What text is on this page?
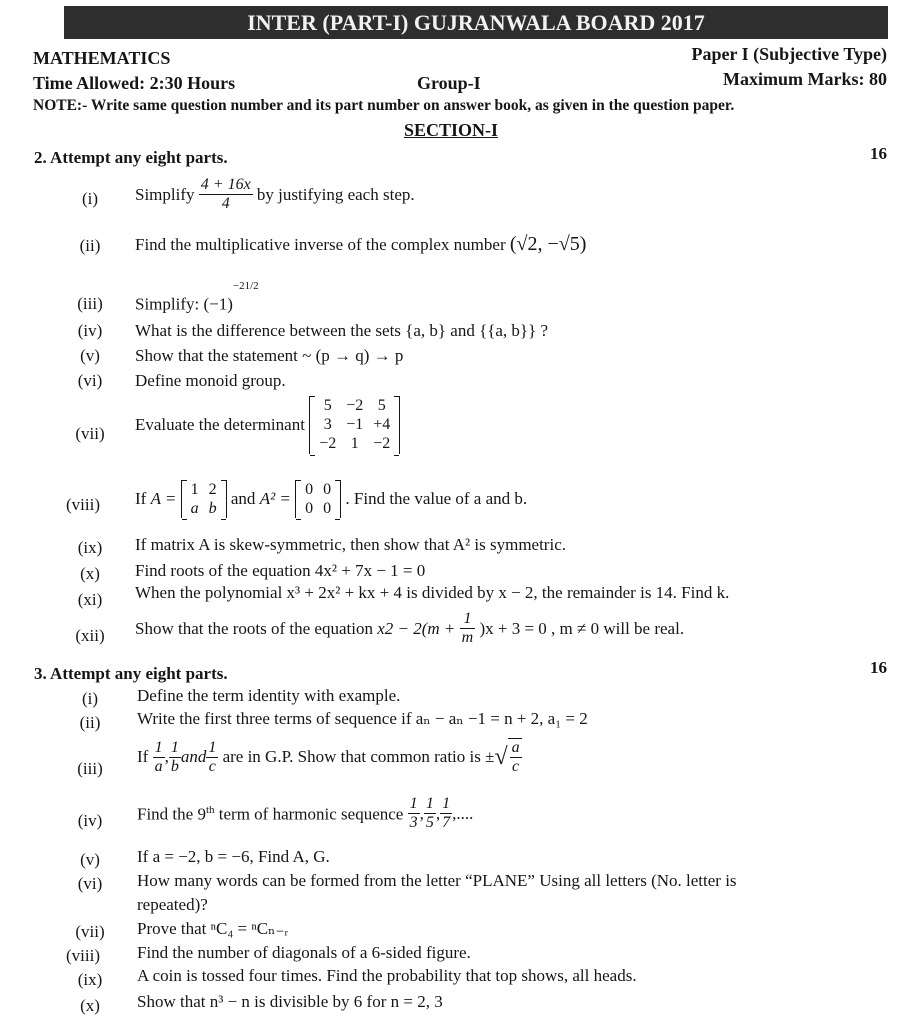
INTER (PART-I) GUJRANWALA BOARD 2017
MATHEMATICS	Paper I (Subjective Type)
Time Allowed: 2:30 Hours	Group-I	Maximum Marks: 80
NOTE:- Write same question number and its part number on answer book, as given in the question paper.
SECTION-I
2. Attempt any eight parts.	16
(i)	Simplify $\frac{4 + 16x}{4}$ by justifying each step.
(ii)	Find the multiplicative inverse of the complex number (√2, −√5)
(iii)	Simplify: $(-1)^{-21/2}$
(iv)	What is the difference between the sets {a, b} and {{a, b}} ?
(v)	Show that the statement ~ (p → q) → p
(vi)	Define monoid group.
(vii)	Evaluate the determinant
5	−2	5
3	−1	+4
−2	1	−2
(viii)	If A = 1	2
a	b
and A² = 0	0
0	0
. Find the value of a and b.
(ix)	If matrix A is skew-symmetric, then show that A² is symmetric.
(x)	Find roots of the equation 4x² + 7x − 1 = 0
(xi)	When the polynomial x³ + 2x² + kx + 4 is divided by x − 2, the remainder is 14. Find k.
(xii)	Show that the roots of the equation $x2 - 2(m + \frac{1}{m} )x + 3 = 0$ , m ≠ 0 will be real.
3. Attempt any eight parts.	16
(i)	Define the term identity with example.
(ii)	Write the first three terms of sequence if aₙ − aₙ −1 = n + 2, a₁ = 2
(iii)
If $\frac{1}{a}$ , $\frac{1}{b}$ and $\frac{1}{c}$ are in G.P. Show that common ratio is ±√ $\frac{a}{c}$
(iv)	Find the 9th term of harmonic sequence $\frac{1}{3}$ , $\frac{1}{5}$ , $\frac{1}{7}$ ,....
(v)	If a = −2, b = −6, Find A, G.
(vi)	How many words can be formed from the letter “PLANE” Using all letters (No. letter is
repeated)?
(vii)	Prove that ⁿC₄ = ⁿCₙ₋ᵣ
(viii)	Find the number of diagonals of a 6-sided figure.
(ix)	A coin is tossed four times. Find the probability that top shows, all heads.
(x)	Show that n³ − n is divisible by 6 for n = 2, 3
